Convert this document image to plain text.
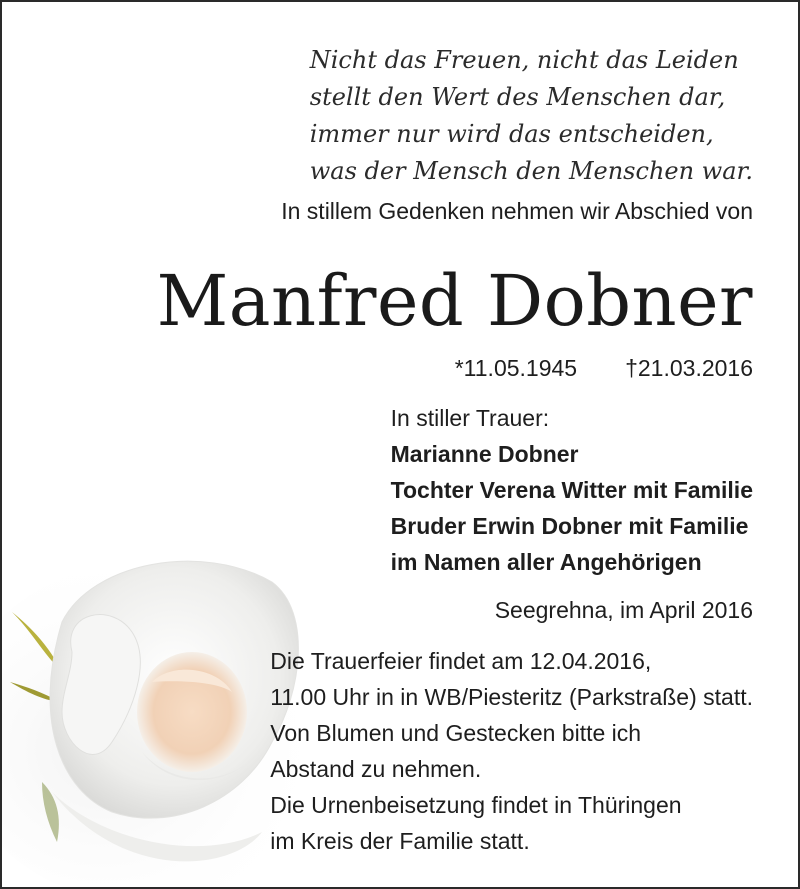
Nicht das Freuen, nicht das Leiden
stellt den Wert des Menschen dar,
immer nur wird das entscheiden,
was der Mensch den Menschen war.
In stillem Gedenken nehmen wir Abschied von
Manfred Dobner
*11.05.1945 †21.03.2016
In stiller Trauer:
Marianne Dobner
Tochter Verena Witter mit Familie
Bruder Erwin Dobner mit Familie
im Namen aller Angehörigen
Seegrehna, im April 2016
Die Trauerfeier findet am 12.04.2016,
11.00 Uhr in in WB/Piesteritz (Parkstraße) statt.
Von Blumen und Gestecken bitte ich
Abstand zu nehmen.
Die Urnenbeisetzung findet in Thüringen
im Kreis der Familie statt.
